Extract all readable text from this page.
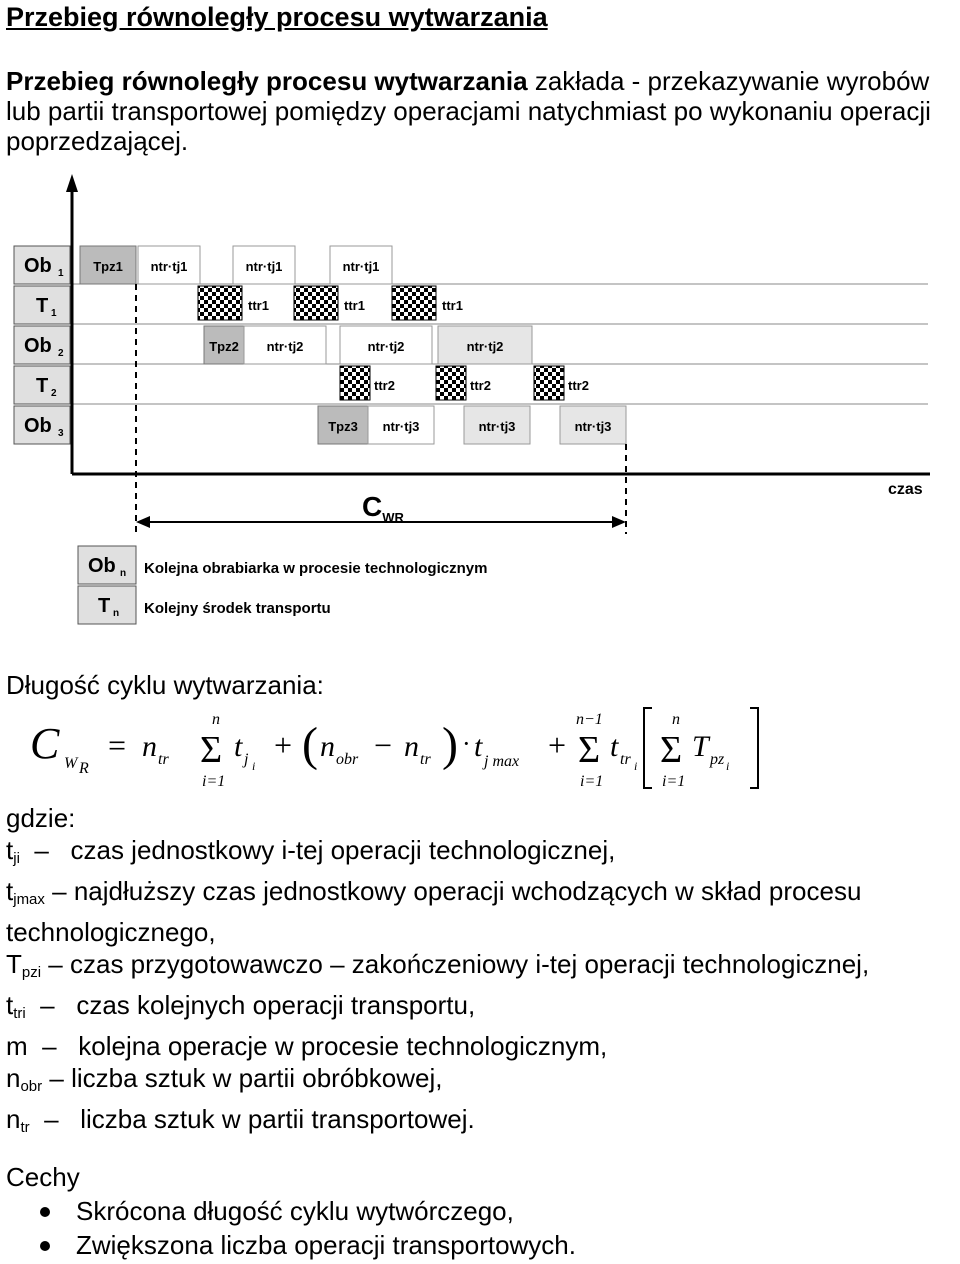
Przebieg równoległy procesu wytwarzania
Przebieg równoległy procesu wytwarzania zakłada - przekazywanie wyrobów lub partii transportowej pomiędzy operacjami natychmiast po wykonaniu operacji poprzedzającej.
Ob 1
T 1
Ob 2
T 2
Ob 3
Tpz1 ntr·tj1	ntr·tj1	ntr·tj1
ttr1	ttr1	ttr1
Tpz2 ntr·tj2	ntr·tj2	ntr·tj2
ttr2	ttr2	ttr2
Tpz3 ntr·tj3	ntr·tj3	ntr·tj3
czas
$C_{WR}$
Ob n Kolejna obrabiarka w procesie technologicznym
T n Kolejny środek transportu
Długość cyklu wytwarzania:
C W R
= n tr
n
Σ
i=1
t j i
+ ( n obr − n tr ) · t j max +
n−1
Σ
i=1
t tr i
n
Σ
i=1
T pz i
gdzie:
$t_{ji}$  –   czas jednostkowy i-tej operacji technologicznej,
$t_{jmax}$ – najdłuższy czas jednostkowy operacji wchodzących w skład procesu technologicznego,
$T_{pzi}$ – czas przygotowawczo – zakończeniowy i-tej operacji technologicznej,
$t_{tri}$  –   czas kolejnych operacji transportu,
m  –   kolejna operacje w procesie technologicznym,
$n_{obr}$ – liczba sztuk w partii obróbkowej,
$n_{tr}$  –   liczba sztuk w partii transportowej.
Cechy
Skrócona długość cyklu wytwórczego,
Zwiększona liczba operacji transportowych.
